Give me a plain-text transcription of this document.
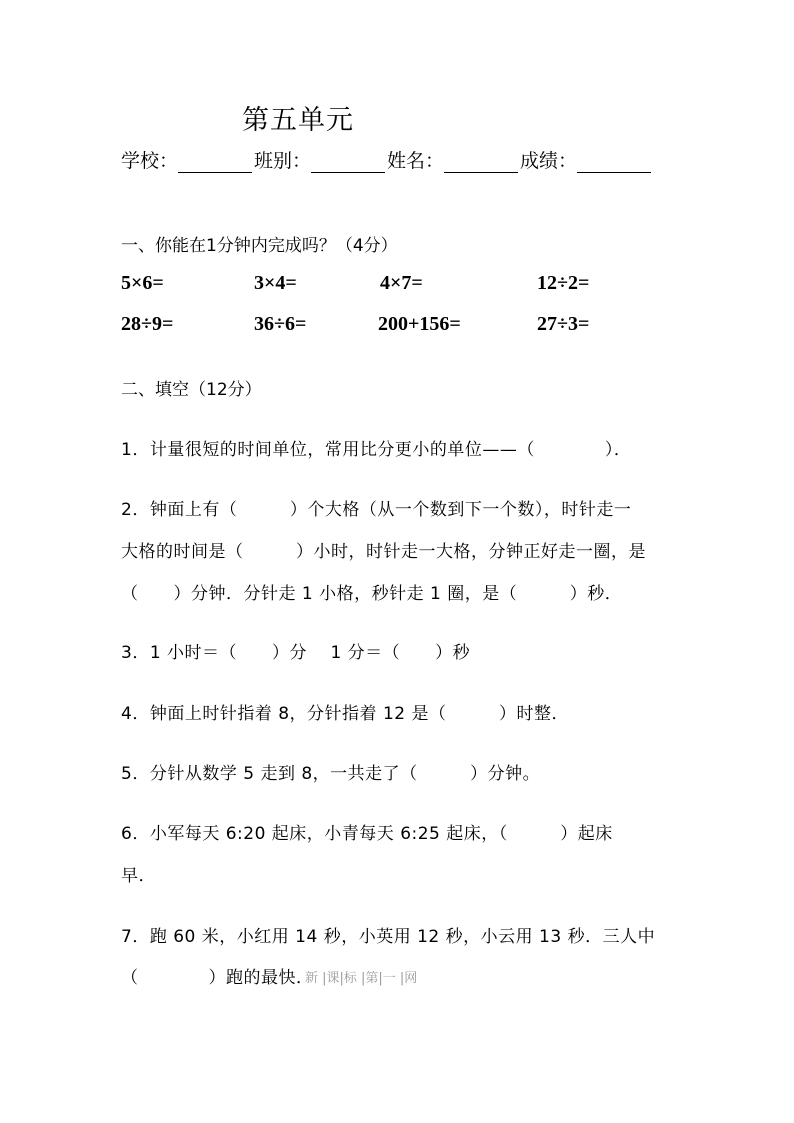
第五单元
学校：	班别：	姓名：	成绩：
一、你能在1分钟内完成吗？（4分）
5×6=	3×4=	4×7=	12÷2=
28÷9=	36÷6=	200+156=	27÷3=
二、填空（12分）
1．计量很短的时间单位，常用比分更小的单位——（　　　　）．
2．钟面上有（　　　）个大格（从一个数到下一个数），时针走一
大格的时间是（　　　）小时，时针走一大格，分钟正好走一圈，是
（　　）分钟．分针走 1 小格，秒针走 1 圈，是（　　　）秒．
3．1 小时＝（　　）分　 1 分＝（　　）秒
4．钟面上时针指着 8，分针指着 12 是（　　　）时整．
5．分针从数学 5 走到 8，一共走了（　　　）分钟。
6．小军每天 6:20 起床，小青每天 6:25 起床，（　　　）起床
早．
7．跑 60 米，小红用 14 秒，小英用 12 秒，小云用 13 秒．三人中
（　　　　）跑的最快．
新 |课|标 |第|一 |网
